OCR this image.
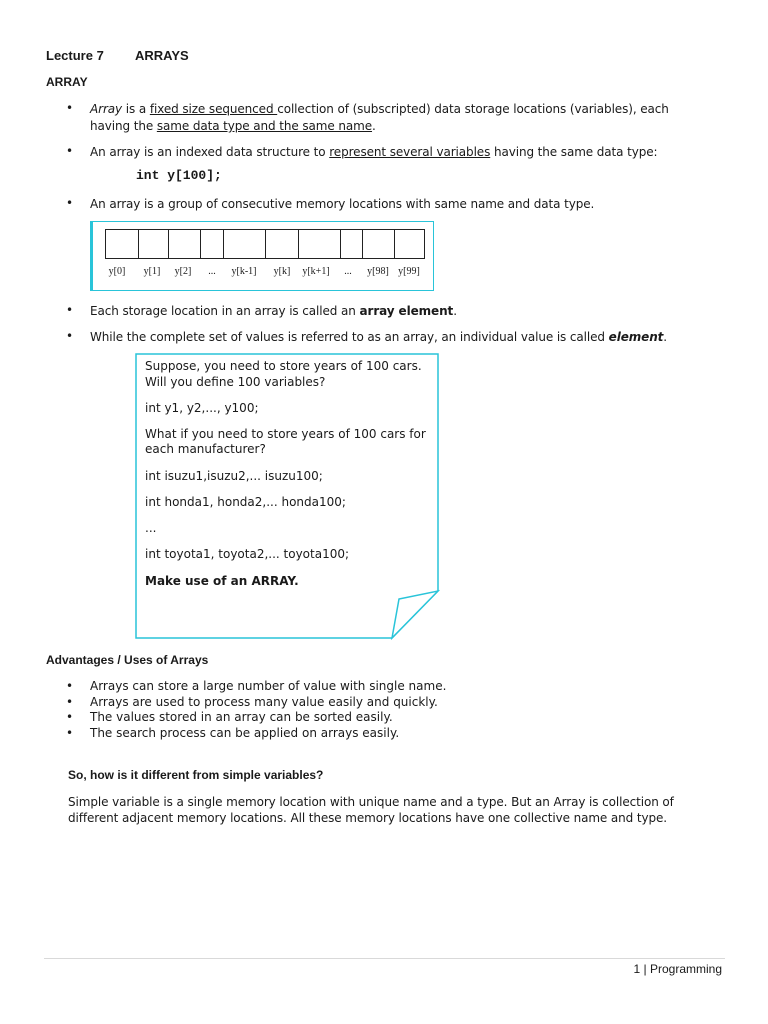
Lecture 7 ARRAYS
ARRAY
• Array is a fixed size sequenced collection of (subscripted) data storage locations (variables), each
having the same data type and the same name.
• An array is an indexed data structure to represent several variables having the same data type:
int y[100];
• An array is a group of consecutive memory locations with same name and data type.
y[0] y[1] y[2] ... y[k-1] y[k] y[k+1] ... y[98] y[99]
• Each storage location in an array is called an array element.
• While the complete set of values is referred to as an array, an individual value is called element.
Suppose, you need to store years of 100 cars.
Will you define 100 variables?
int y1, y2,..., y100;
What if you need to store years of 100 cars for
each manufacturer?
int isuzu1,isuzu2,... isuzu100;
int honda1, honda2,... honda100;
...
int toyota1, toyota2,... toyota100;
Make use of an ARRAY.
Advantages / Uses of Arrays
• Arrays can store a large number of value with single name.
• Arrays are used to process many value easily and quickly.
• The values stored in an array can be sorted easily.
• The search process can be applied on arrays easily.
So, how is it different from simple variables?
Simple variable is a single memory location with unique name and a type. But an Array is collection of
different adjacent memory locations. All these memory locations have one collective name and type.
1 | Programming
